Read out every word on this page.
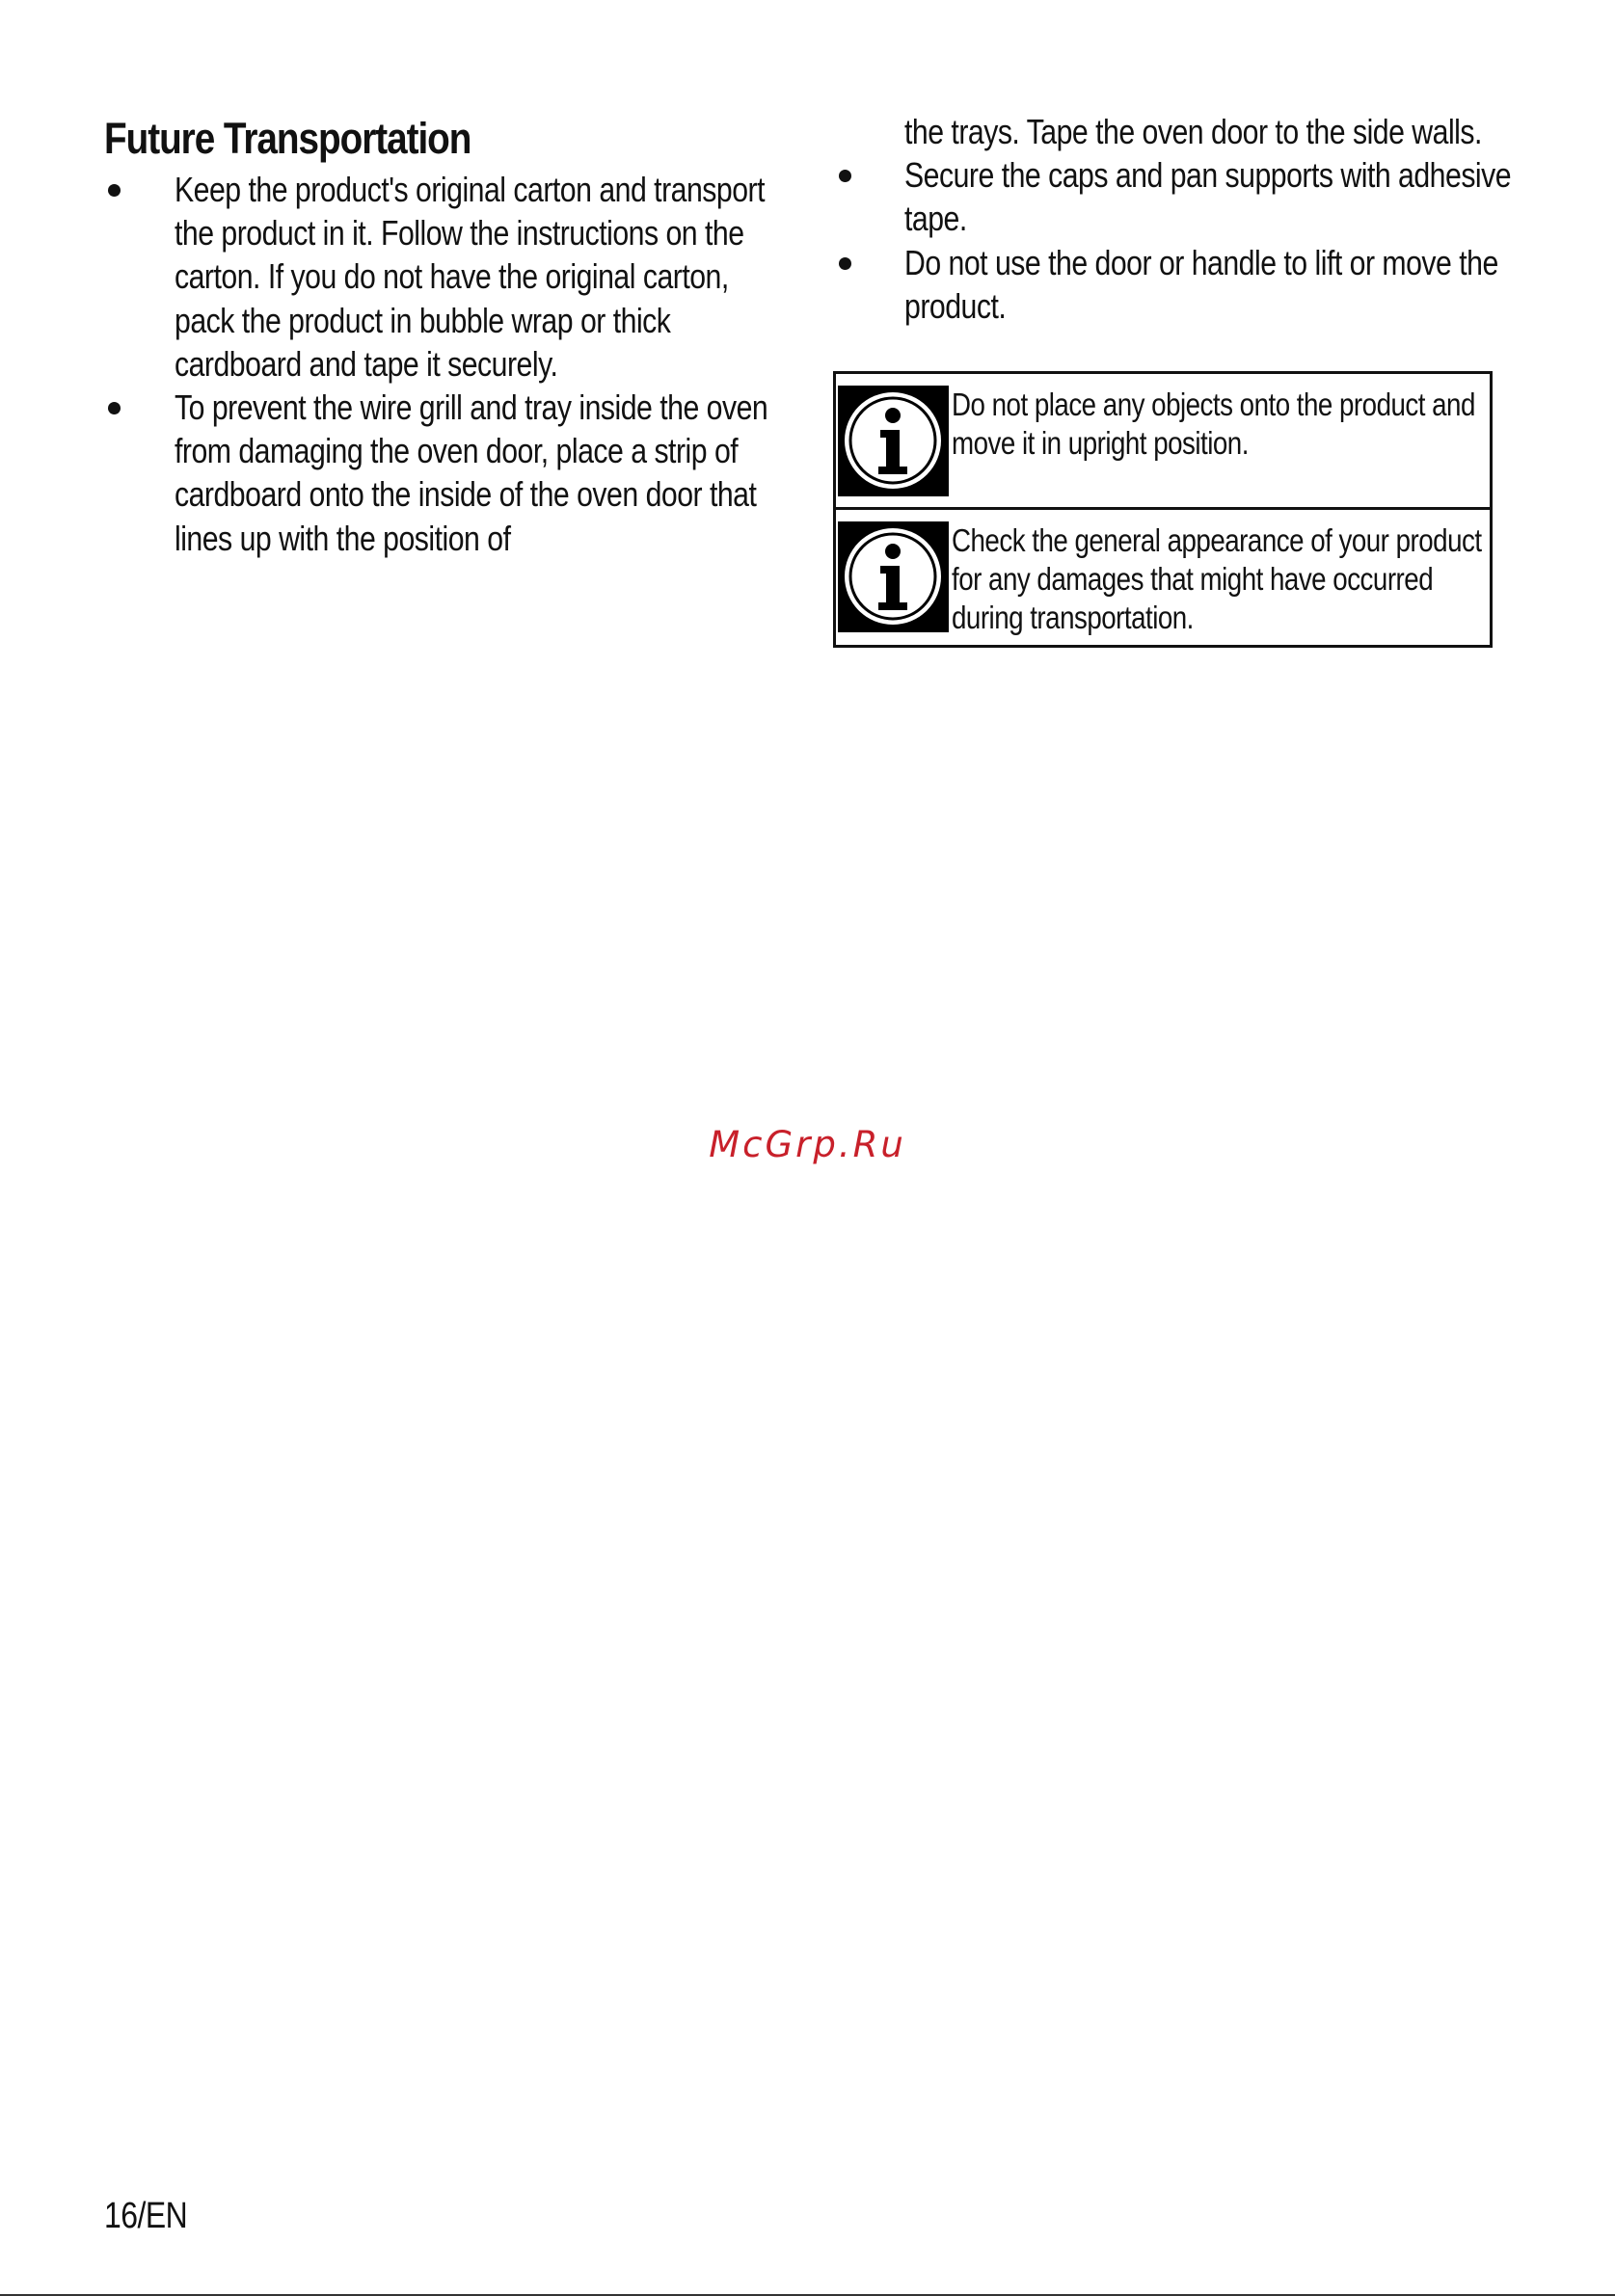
Future Transportation
Keep the product's original carton and transport the product in it. Follow the instructions on the carton. If you do not have the original carton, pack the product in bubble wrap or thick cardboard and tape it securely.
To prevent the wire grill and tray inside the oven from damaging the oven door, place a strip of cardboard onto the inside of the oven door that lines up with the position of
the trays. Tape the oven door to the side walls.
Secure the caps and pan supports with adhesive tape.
Do not use the door or handle to lift or move the product.
Do not place any objects onto the product and move it in upright position.
Check the general appearance of your product for any damages that might have occurred during transportation.
McGrp.Ru
16/EN
